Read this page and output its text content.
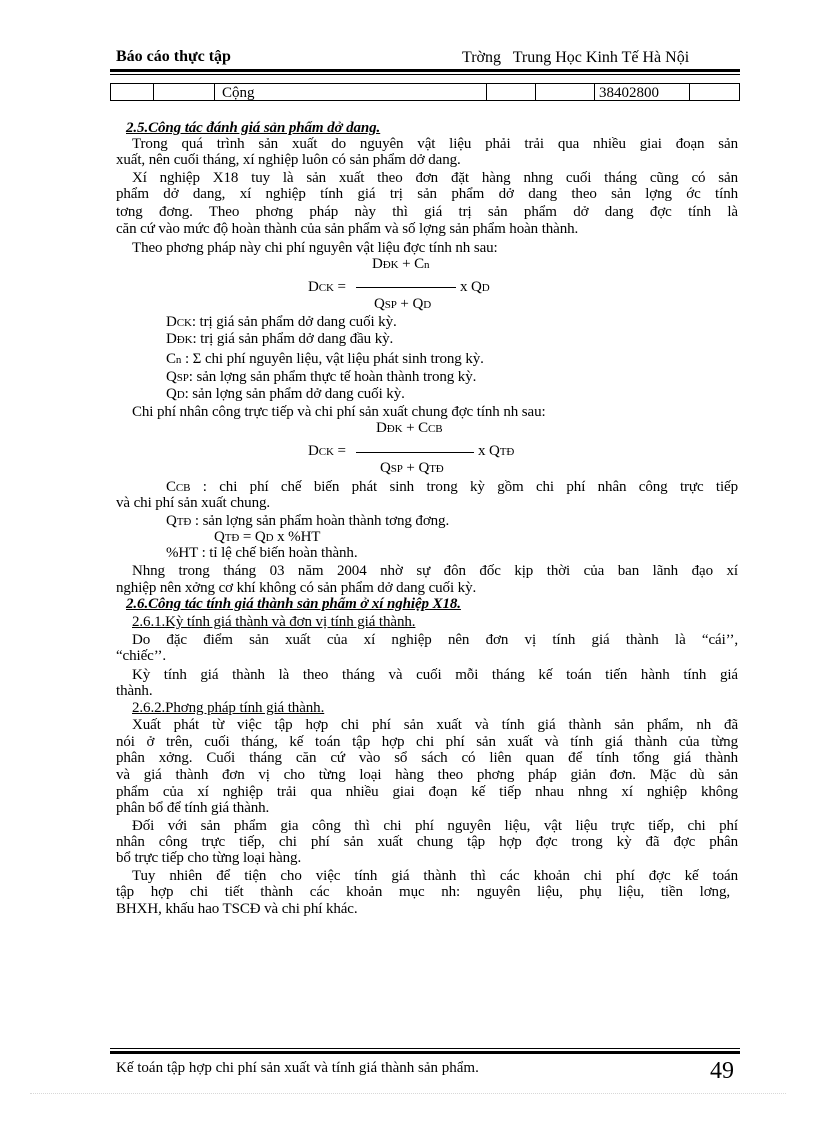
Báo cáo thực tập	Trờng   Trung Học Kinh Tế Hà Nội
Cộng	38402800
2.5.Công tác đánh giá sản phẩm dở dang.
Trong quá trình sản xuất do nguyên vật liệu phải trải qua nhiều giai đoạn sản
xuất, nên cuối tháng, xí nghiệp luôn có sản phẩm dở dang.
Xí nghiệp X18 tuy là sản xuất theo đơn đặt hàng nhng cuối tháng cũng có sản
phẩm dở dang, xí nghiệp tính giá trị sản phẩm dở dang theo sản lợng ớc tính
tơng đơng. Theo phơng pháp này thì giá trị sản phẩm dở dang đợc tính là
căn cứ vào mức độ hoàn thành của sản phẩm và số lợng sản phẩm hoàn thành.
Theo phơng pháp này chi phí nguyên vật liệu đợc tính nh sau:
DĐK + Cn
DCK =	x QD
QSP + QD
DCK: trị giá sản phẩm dở dang cuối kỳ.
DĐK: trị giá sản phẩm dở dang đầu kỳ.
Cn : Σ chi phí nguyên liệu, vật liệu phát sinh trong kỳ.
QSP: sản lợng sản phẩm thực tế hoàn thành trong kỳ.
QD: sản lợng sản phẩm dở dang cuối kỳ.
Chi phí nhân công trực tiếp và chi phí sản xuất chung đợc tính nh sau:
DĐK + CCB
DCK =	x QTĐ
QSP + QTĐ
CCB : chi phí chế biến phát sinh trong kỳ gồm chi phí nhân công trực tiếp
và chi phí sản xuất chung.
QTĐ : sản lợng sản phẩm hoàn thành tơng đơng.
QTĐ = QD x %HT
%HT : tỉ lệ chế biến hoàn thành.
Nhng trong tháng 03 năm 2004 nhờ sự đôn đốc kịp thời của ban lãnh đạo xí
nghiệp nên xởng cơ khí không có sản phẩm dở dang cuối kỳ.
2.6.Công tác tính giá thành sản phẩm ở xí nghiệp X18.
2.6.1.Kỳ tính giá thành và đơn vị tính giá thành.
Do đặc điểm sản xuất của xí nghiệp nên đơn vị tính giá thành là “cái’’,
“chiếc’’.
Kỳ tính giá thành là theo tháng và cuối mỗi tháng kế toán tiến hành tính giá
thành.
2.6.2.Phơng pháp tính giá thành.
Xuất phát từ việc tập hợp chi phí sản xuất và tính giá thành sản phẩm, nh đã
nói ở trên, cuối tháng, kế toán tập hợp chi phí sản xuất và tính giá thành của từng
phân xởng. Cuối tháng căn cứ vào sổ sách có liên quan để tính tổng giá thành
và giá thành đơn vị cho từng loại hàng theo phơng pháp giản đơn. Mặc dù sản
phẩm của xí nghiệp trải qua nhiều giai đoạn kế tiếp nhau nhng xí nghiệp không
phân bổ để tính giá thành.
Đối với sản phẩm gia công thì chi phí nguyên liệu, vật liệu trực tiếp, chi phí
nhân công trực tiếp, chi phí sản xuất chung tập hợp đợc trong kỳ đã đợc phân
bổ trực tiếp cho từng loại hàng.
Tuy nhiên để tiện cho việc tính giá thành thì các khoản chi phí đợc kế toán
tập hợp chi tiết thành các khoản mục nh: nguyên liệu, phụ liệu, tiền lơng,
BHXH, khấu hao TSCĐ và chi phí khác.
Kế toán tập hợp chi phí sản xuất và tính giá thành sản phẩm.	49
